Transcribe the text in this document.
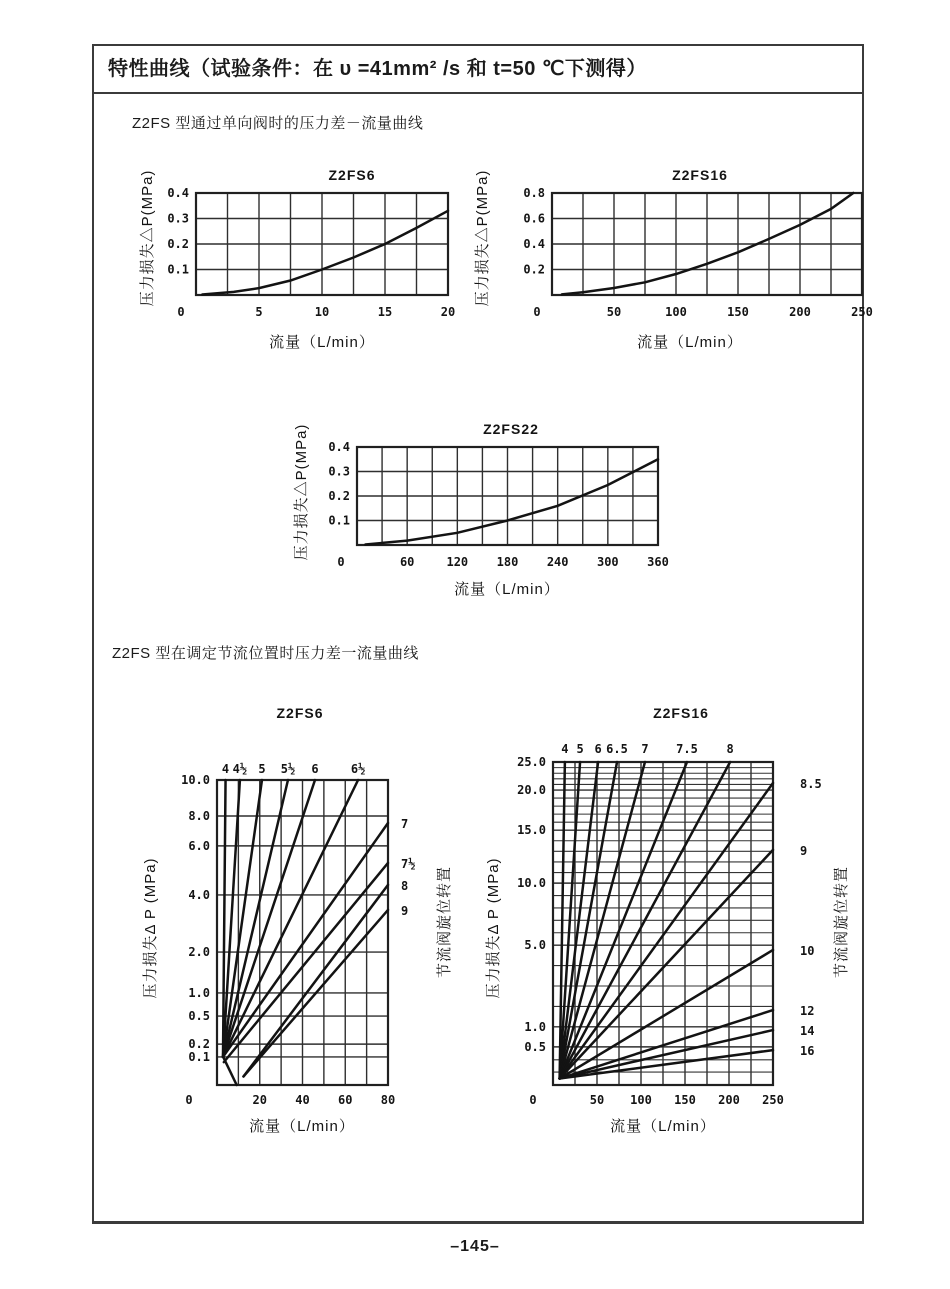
特性曲线（试验条件：在 υ =41mm² /s 和 t=50 ℃下测得）
Z2FS 型通过单向阀时的压力差－流量曲线
Z2FS 型在调定节流位置时压力差一流量曲线
Z2FS6
压力损失△P(MPa)
流量（L/min）
0.1
0.2
0.3
0.4
0	5	10	15	20
Z2FS16
压力损失△P(MPa)
流量（L/min）
0.2
0.4
0.6
0.8
0	50	100	150	200	250
Z2FS22
压力损失△P(MPa)
流量（L/min）
0.1
0.2
0.3
0.4
0	60	120 180 240 300 360
Z2FS6
压力损失Δ P (MPa)
流量（L/min）
节流阀旋位转置
10.0
8.0
6.0
4.0
2.0
1.0
0.5
0.2
0.1
0	20 40 60 80
4 4½ 5 5½ 6	6½
7
7½
8
9
Z2FS16
压力损失Δ P (MPa)
流量（L/min）
节流阀旋位转置
25.0
20.0
15.0
10.0
5.0
1.0
0.5
0	50 100 150 200 250
4 5 6 6.5 7 7.5 8
8.5
9
10
12
14
16
–145–
